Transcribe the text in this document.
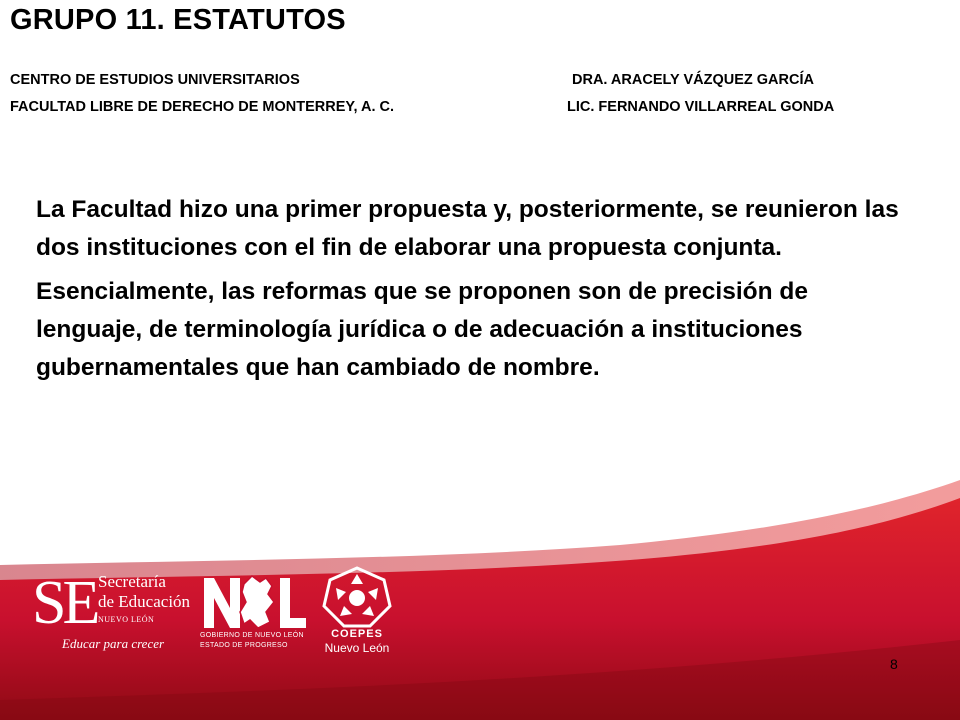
GRUPO 11. ESTATUTOS
CENTRO DE ESTUDIOS UNIVERSITARIOS
FACULTAD LIBRE DE DERECHO DE MONTERREY, A. C.
DRA. ARACELY VÁZQUEZ GARCÍA
LIC. FERNANDO VILLARREAL GONDA

La Facultad hizo una primer propuesta y, posteriormente, se reunieron las dos instituciones con el fin de elaborar una propuesta conjunta.

Esencialmente, las reformas que se proponen son de precisión de lenguaje, de terminología jurídica o de adecuación a instituciones gubernamentales que han cambiado de nombre.

SE Secretaría
de Educación
NUEVO LEÓN
Educar para crecer
GOBIERNO DE NUEVO LEÓN
ESTADO DE PROGRESO
COEPES
Nuevo León
8
